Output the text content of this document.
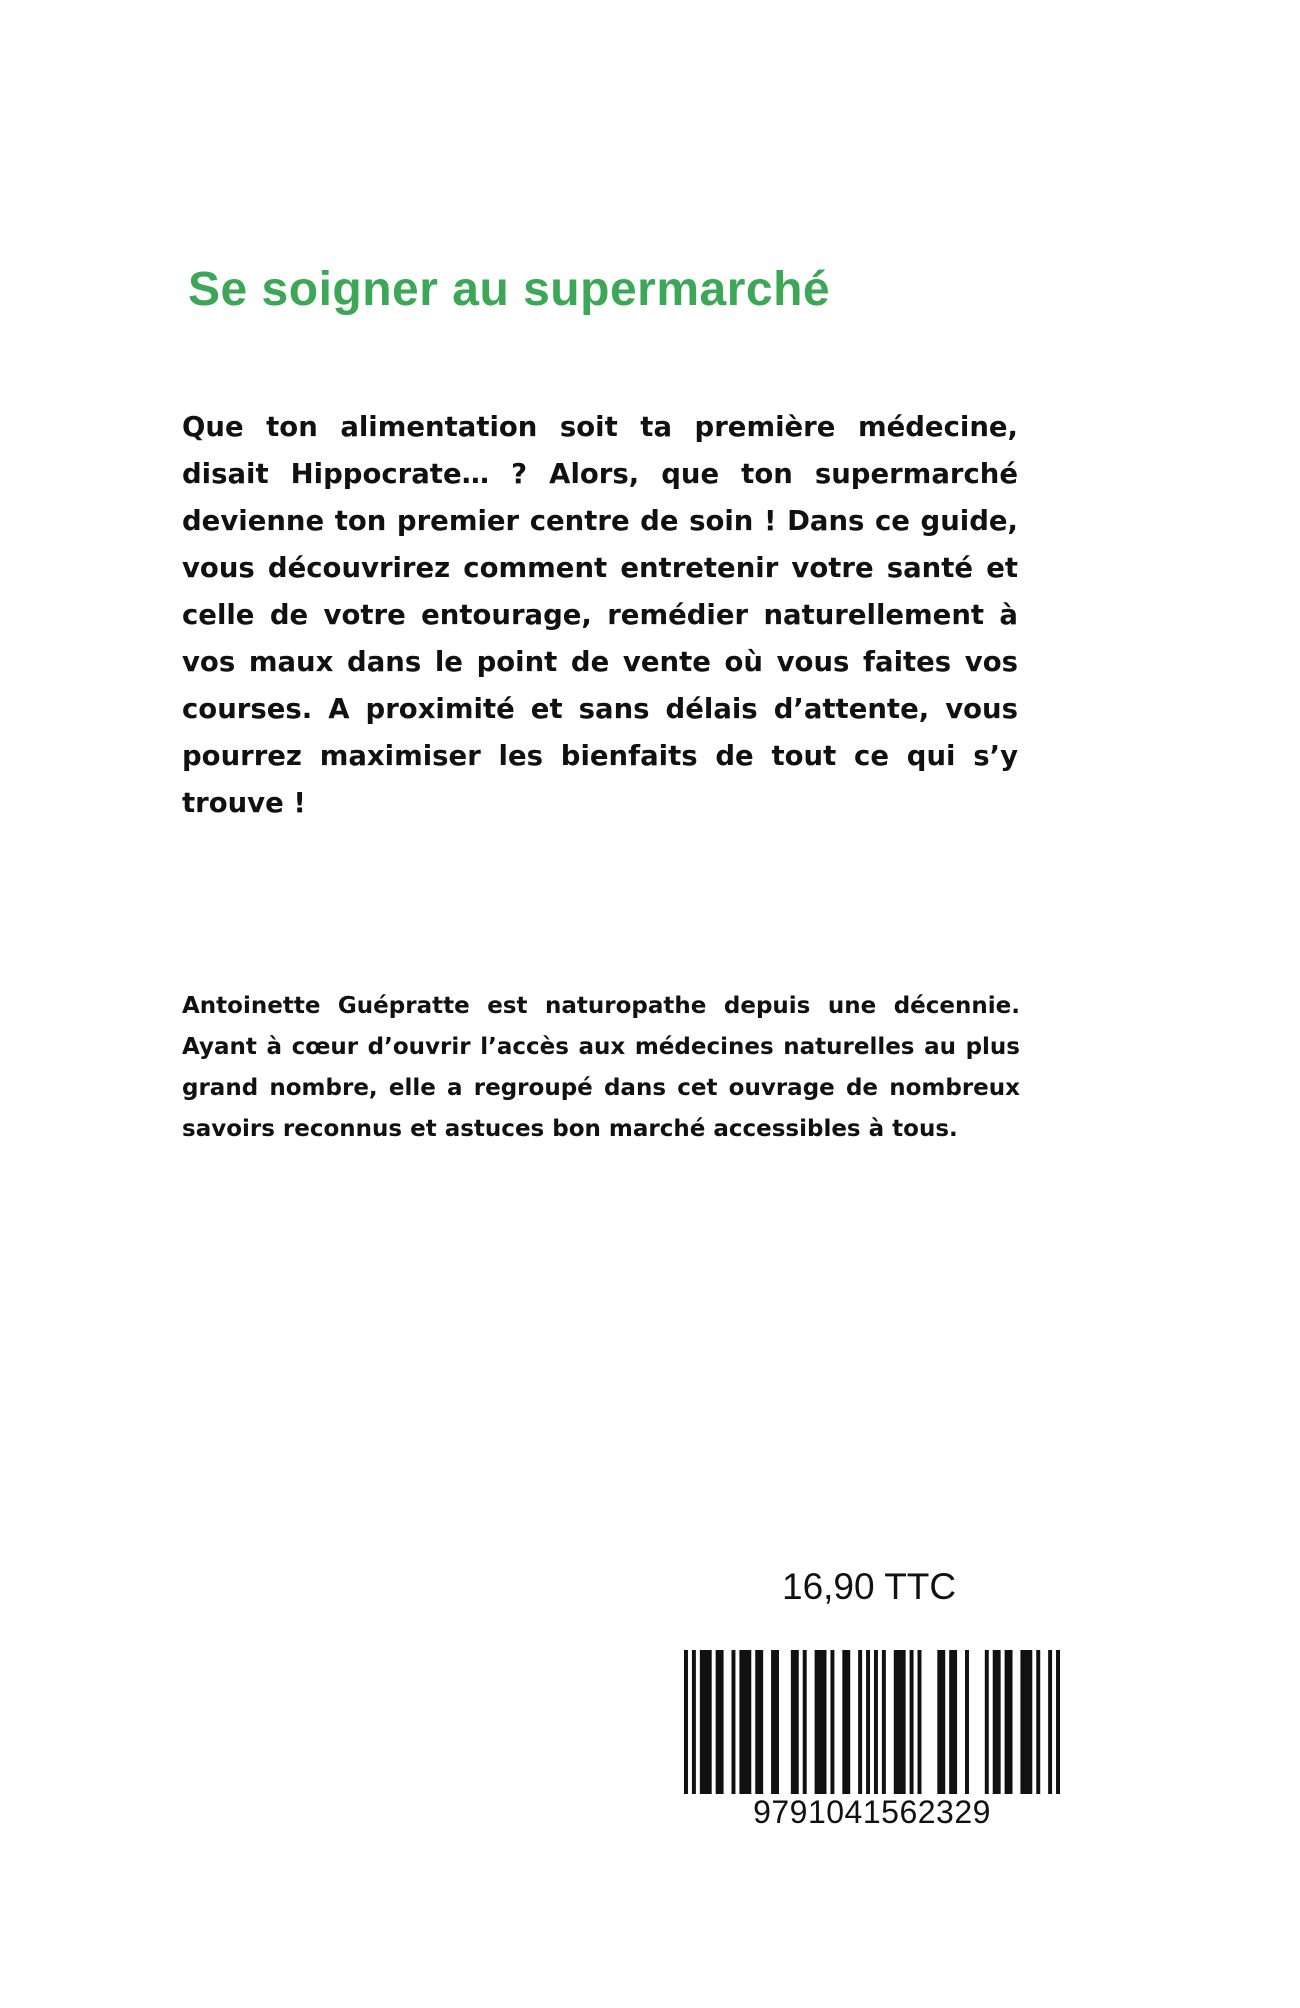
Se soigner au supermarché

Que ton alimentation soit ta première médecine, disait Hippocrate… ? Alors, que ton supermarché devienne ton premier centre de soin ! Dans ce guide, vous découvrirez comment entretenir votre santé et celle de votre entourage, remédier naturellement à vos maux dans le point de vente où vous faites vos courses. A proximité et sans délais d’attente, vous pourrez maximiser les bienfaits de tout ce qui s’y trouve !

Antoinette Guépratte est naturopathe depuis une décennie. Ayant à cœur d’ouvrir l’accès aux médecines naturelles au plus grand nombre, elle a regroupé dans cet ouvrage de nombreux savoirs reconnus et astuces bon marché accessibles à tous.

16,90 TTC
9791041562329
